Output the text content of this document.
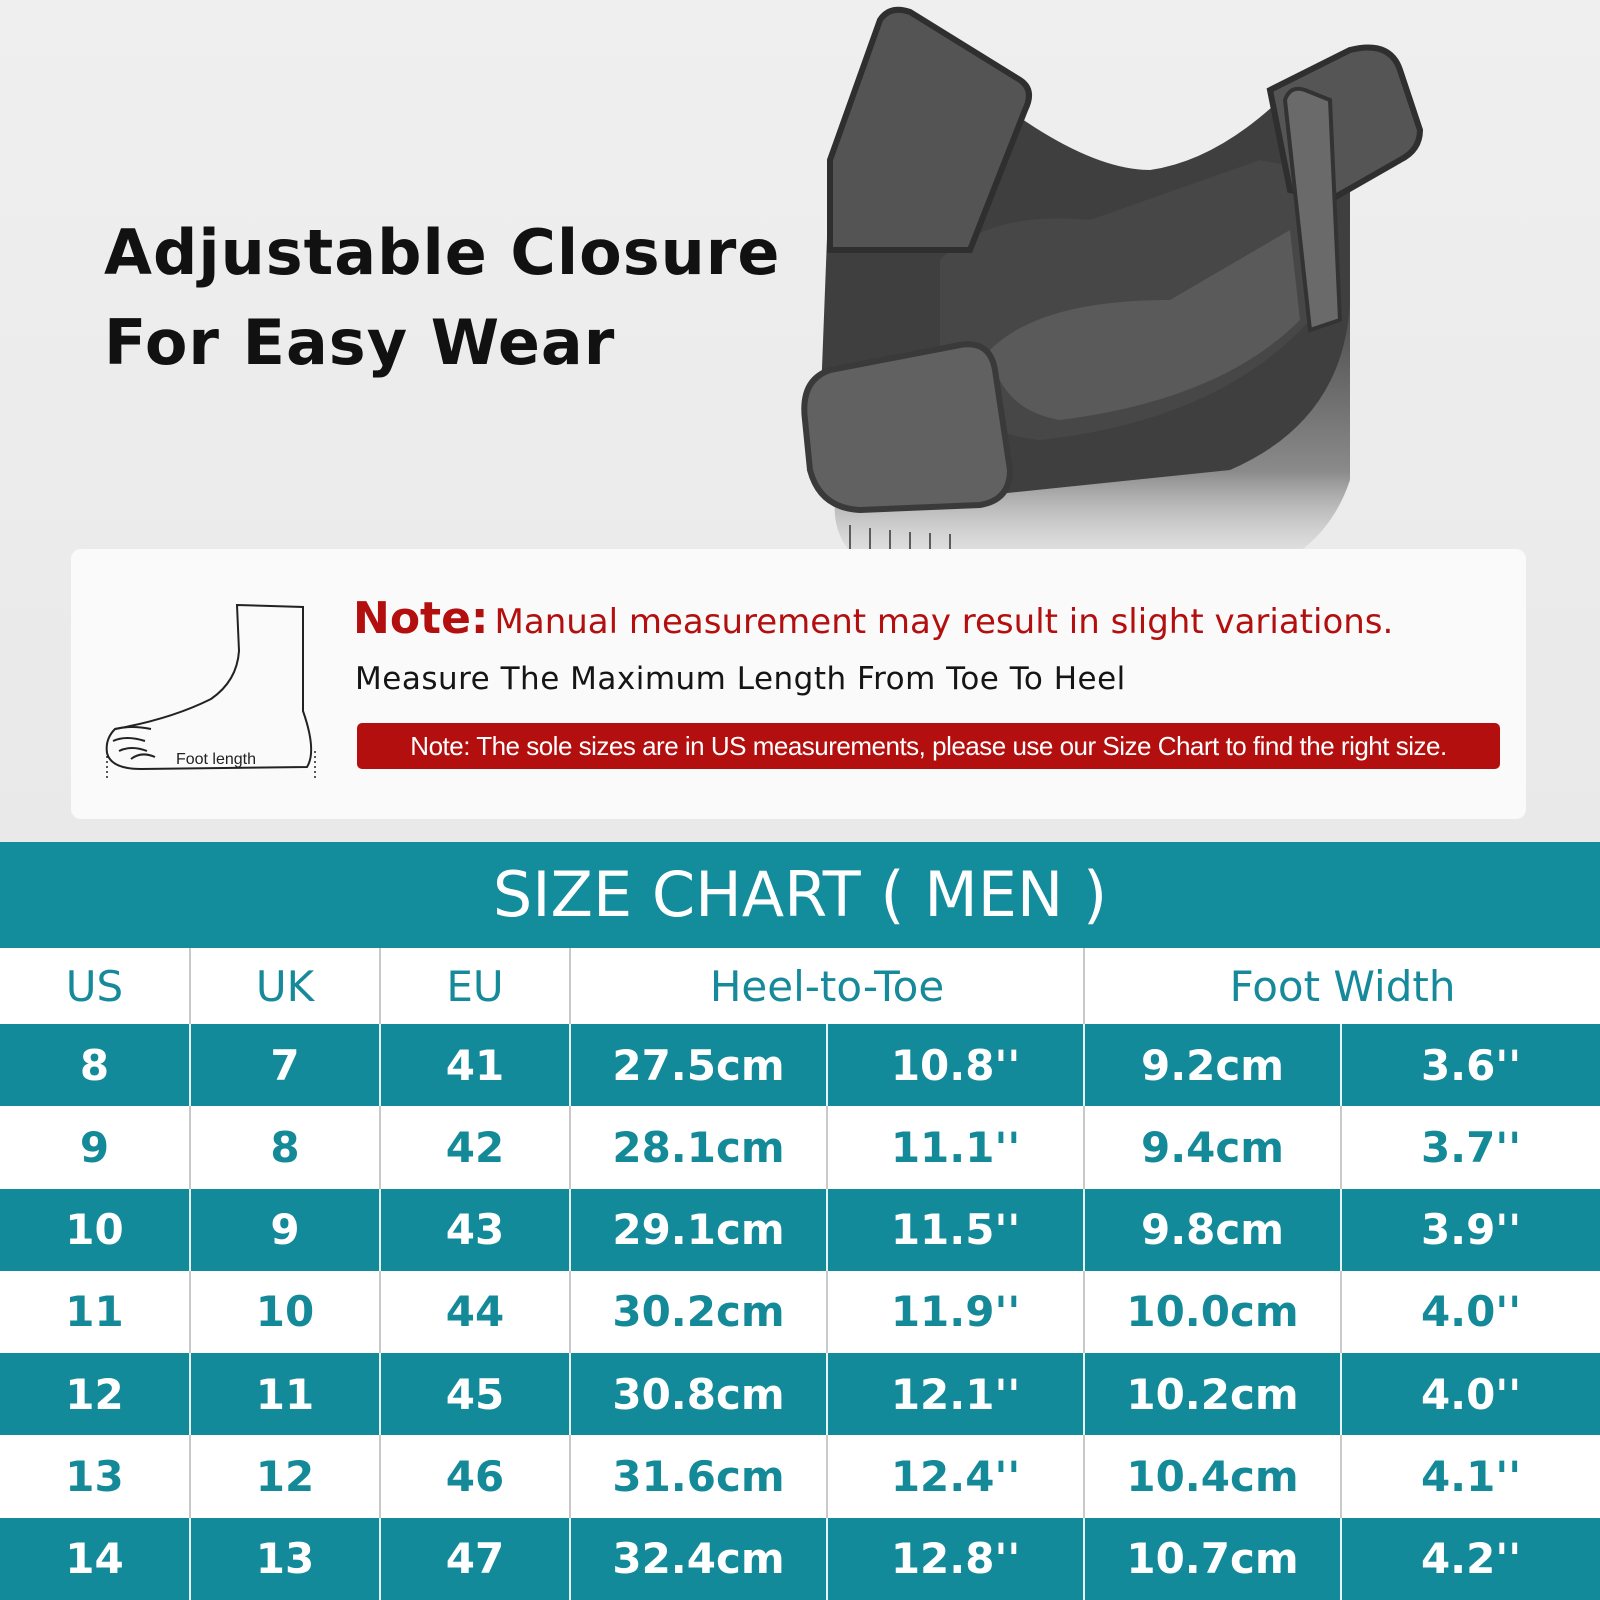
Adjustable Closure
For Easy Wear
Foot length
Note: Manual measurement may result in slight variations.
Measure The Maximum Length From Toe To Heel
Note: The sole sizes are in US measurements, please use our Size Chart to find the right size.
SIZE CHART ( MEN )
US	UK	EU	Heel-to-Toe		Foot Width	
8	7	41	27.5cm	10.8''	9.2cm	3.6''
9	8	42	28.1cm	11.1''	9.4cm	3.7''
10	9	43	29.1cm	11.5''	9.8cm	3.9''
11	10	44	30.2cm	11.9''	10.0cm	4.0''
12	11	45	30.8cm	12.1''	10.2cm	4.0''
13	12	46	31.6cm	12.4''	10.4cm	4.1''
14	13	47	32.4cm	12.8''	10.7cm	4.2''
